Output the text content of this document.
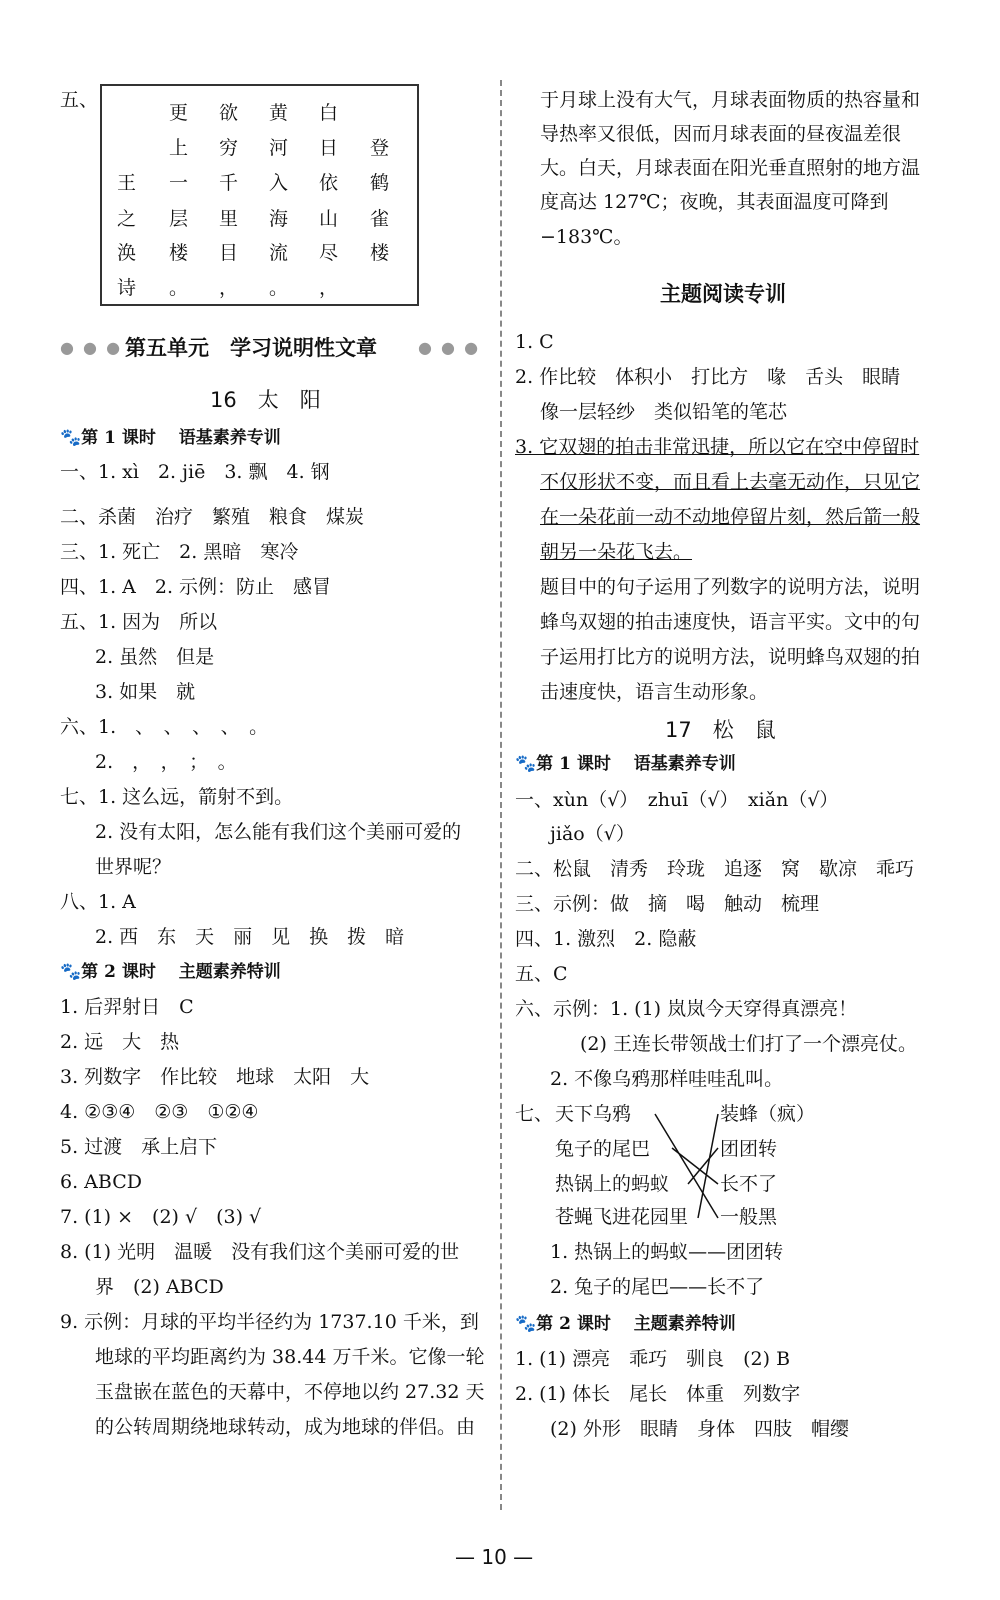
五、
王
之
涣
诗
一
层
楼
。
更
上
千
里
目
，
欲
穷
入
海
流
。
黄
河
依
山
尽
，
白
日
鹤
雀
楼
登
● ● ● 第五单元　学习说明性文章	● ● ●
16　太　阳
🐾第 1 课时　 语基素养专训
一、1. xì　2. jiē　3. 飘　4. 钢
二、杀菌　治疗　繁殖　粮食　煤炭
三、1. 死亡　2. 黑暗　寒冷
四、1. A　2. 示例：防止　感冒
五、1. 因为　所以
2. 虽然　但是
3. 如果　就
六、1.　、　、　、　、　。
2.　，　，　；　。
七、1. 这么远，箭射不到。
2. 没有太阳，怎么能有我们这个美丽可爱的
世界呢？
八、1. A
2. 西　东　天　丽　见　换　拨　暗
🐾第 2 课时　 主题素养特训
1. 后羿射日　C
2. 远　大　热
3. 列数字　作比较　地球　太阳　大
4. ②③④　②③　①②④
5. 过渡　承上启下
6. ABCD
7. (1) ×　(2) √　(3) √
8. (1) 光明　温暖　没有我们这个美丽可爱的世
界　(2) ABCD
9. 示例：月球的平均半径约为 1737.10 千米，到
地球的平均距离约为 38.44 万千米。它像一轮
玉盘嵌在蓝色的天幕中，不停地以约 27.32 天
的公转周期绕地球转动，成为地球的伴侣。由
于月球上没有大气，月球表面物质的热容量和
导热率又很低，因而月球表面的昼夜温差很
大。白天，月球表面在阳光垂直照射的地方温
度高达 127℃；夜晚，其表面温度可降到
−183℃。
主题阅读专训
1. C
2. 作比较　体积小　打比方　喙　舌头　眼睛
像一层轻纱　类似铅笔的笔芯
3. 它双翅的拍击非常迅捷，所以它在空中停留时
不仅形状不变，而且看上去毫无动作，只见它
在一朵花前一动不动地停留片刻，然后箭一般
朝另一朵花飞去。
题目中的句子运用了列数字的说明方法，说明
蜂鸟双翅的拍击速度快，语言平实。文中的句
子运用打比方的说明方法，说明蜂鸟双翅的拍
击速度快，语言生动形象。
17　松　鼠
🐾第 1 课时　 语基素养专训
一、xùn（√）　zhuī（√）　xiǎn（√）
jiǎo（√）
二、松鼠　清秀　玲珑　追逐　窝　歇凉　乖巧
三、示例：做　摘　喝　触动　梳理
四、1. 激烈　2. 隐蔽
五、C
六、示例：1. (1) 岚岚今天穿得真漂亮！
(2) 王连长带领战士们打了一个漂亮仗。
2. 不像乌鸦那样哇哇乱叫。
七、 天下乌鸦
兔子的尾巴
热锅上的蚂蚁
苍蝇飞进花园里
装蜂（疯）
团团转
长不了
一般黑
1. 热锅上的蚂蚁——团团转
2. 兔子的尾巴——长不了
🐾第 2 课时　 主题素养特训
1. (1) 漂亮　乖巧　驯良　(2) B
2. (1) 体长　尾长　体重　列数字
(2) 外形　眼睛　身体　四肢　帽缨
— 10 —
